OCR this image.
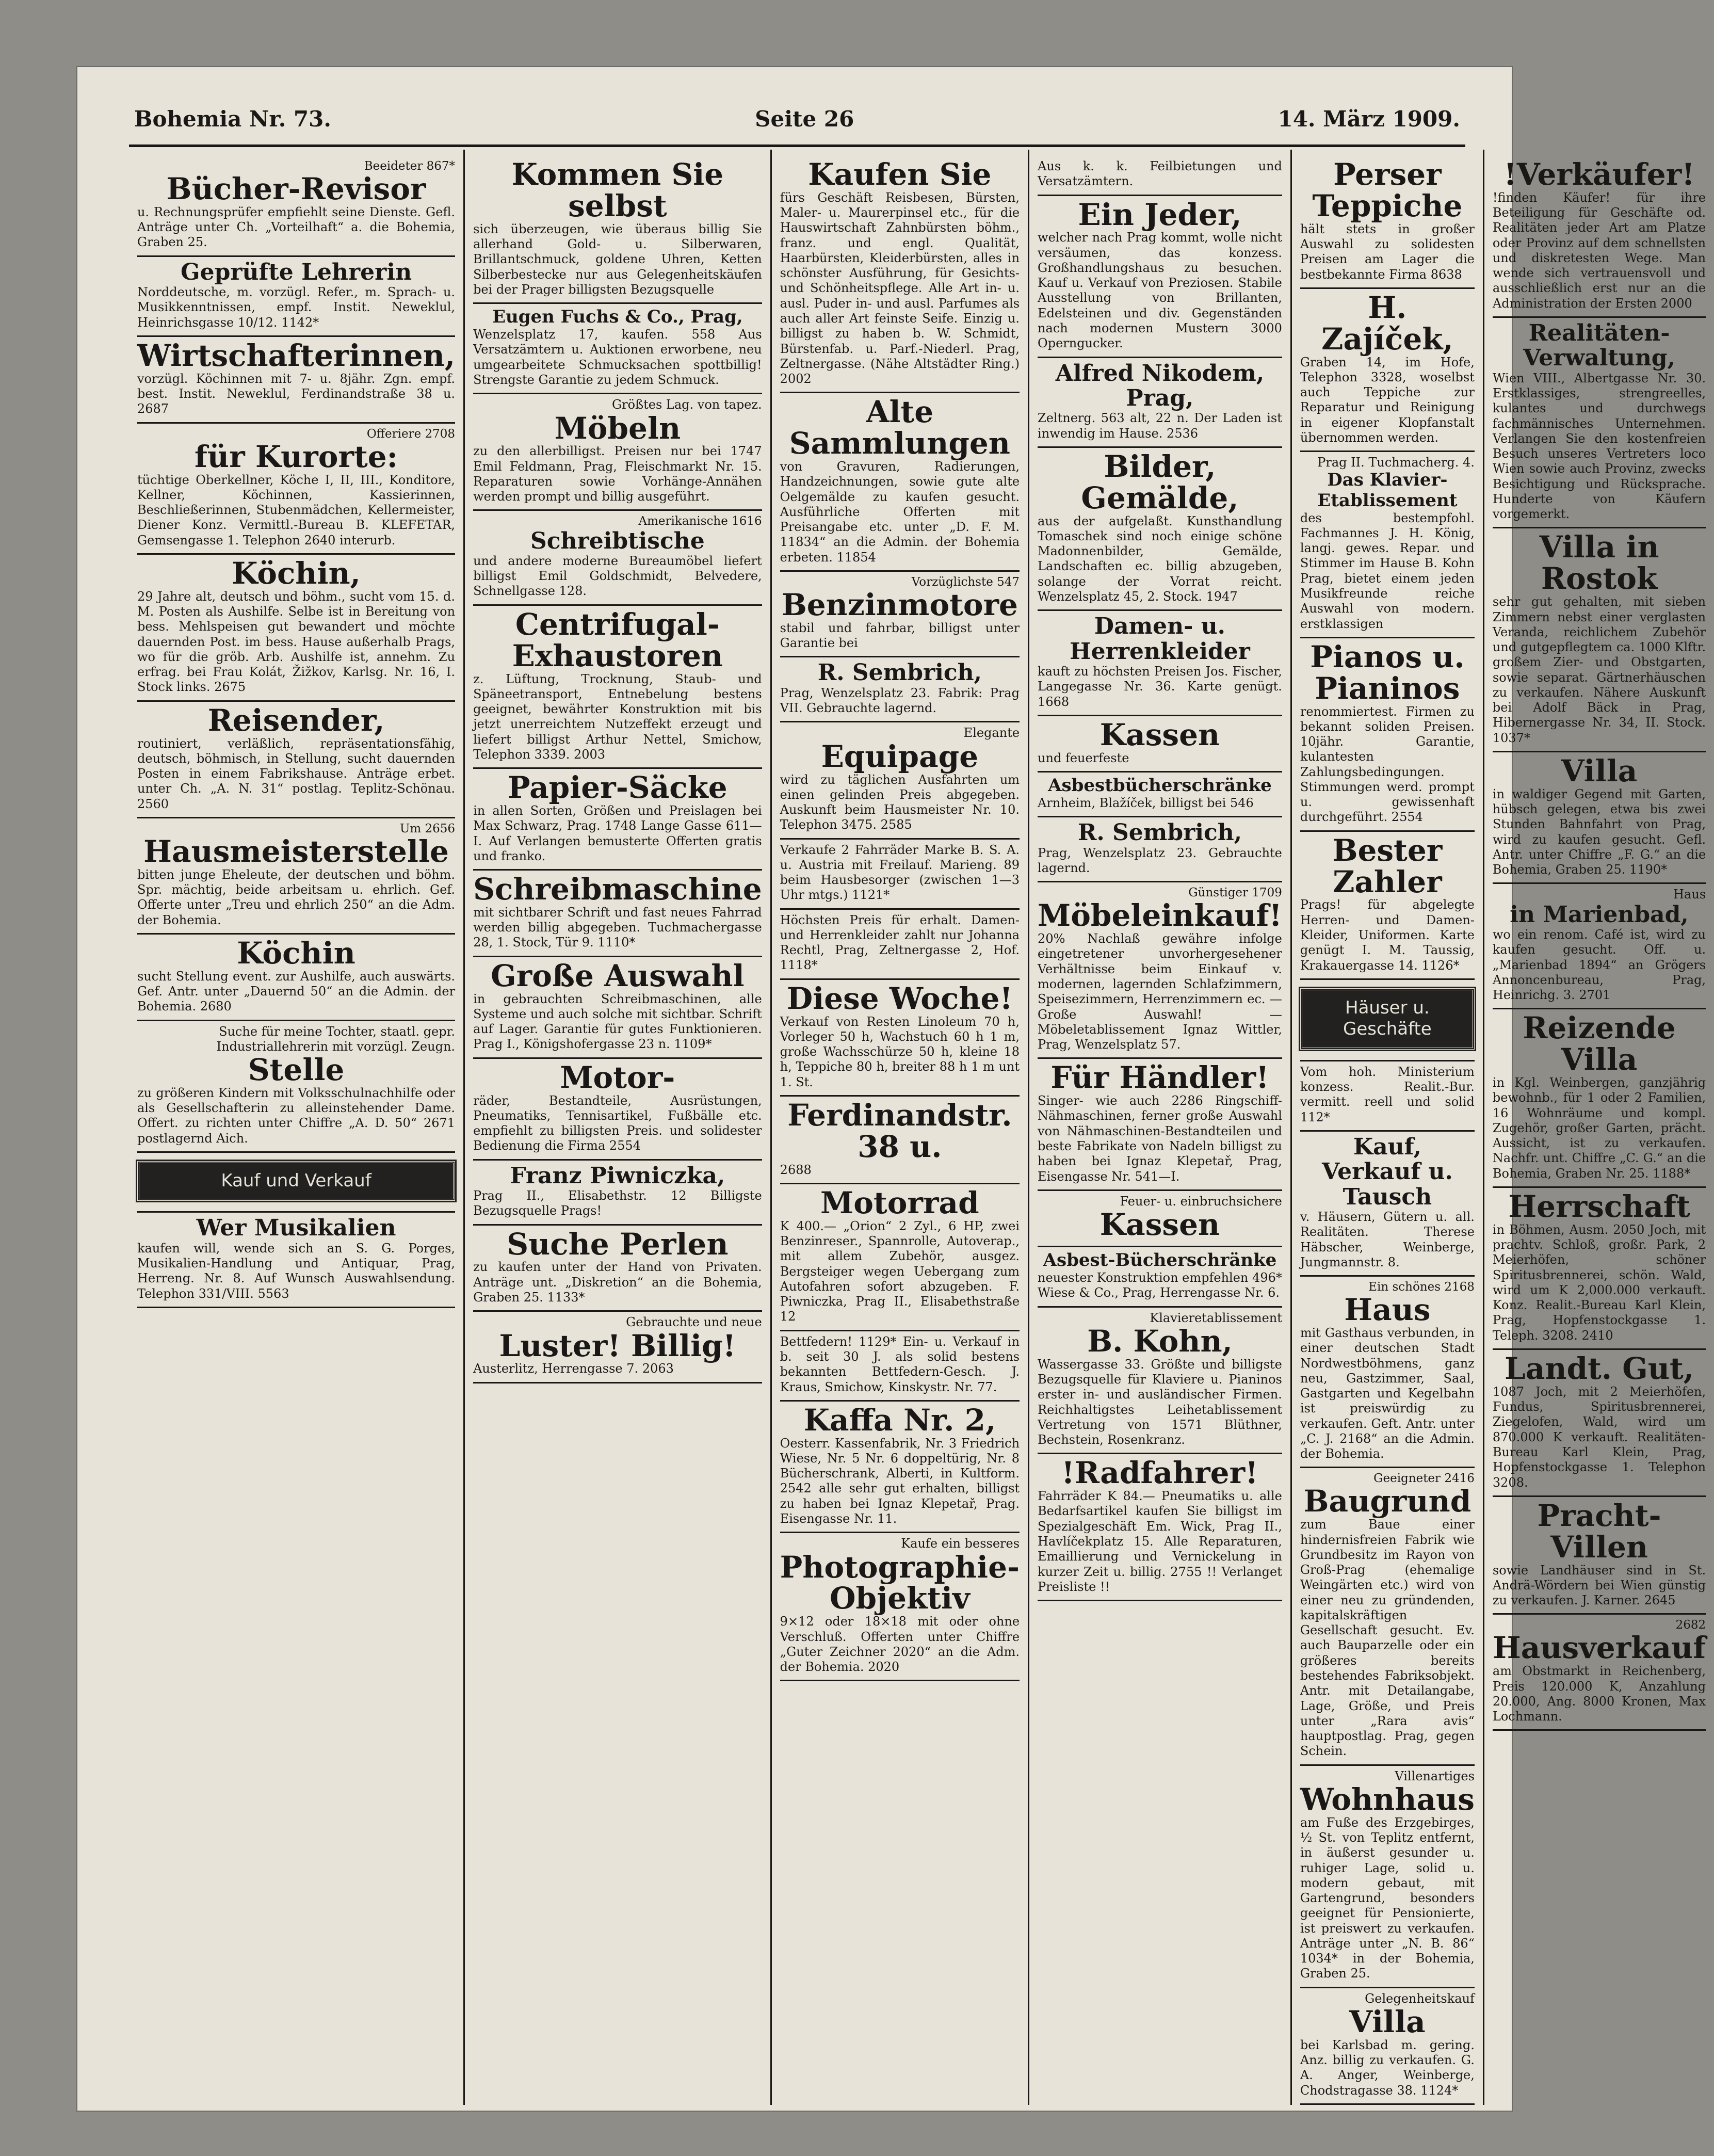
Bohemia Nr. 73.	Seite 26	14. März 1909.
Beeideter 867*
Bücher-Revisor
u. Rechnungsprüfer empfiehlt seine Dienste. Gefl. Anträge unter Ch. „Vorteilhaft“ a. die Bohemia, Graben 25.
Geprüfte Lehrerin
Norddeutsche, m. vorzügl. Refer., m. Sprach- u. Musikkenntnissen, empf. Instit. Neweklul, Heinrichsgasse 10/12. 1142*
Wirtschafterinnen,
vorzügl. Köchinnen mit 7- u. 8jähr. Zgn. empf. best. Instit. Neweklul, Ferdinandstraße 38 u. 2687
Offeriere 2708
für Kurorte:
tüchtige Oberkellner, Köche I, II, III., Konditore, Kellner, Köchinnen, Kassierinnen, Beschließerinnen, Stubenmädchen, Kellermeister, Diener Konz. Vermittl.-Bureau B. KLEFETAR, Gemsengasse 1. Telephon 2640 interurb.
Köchin,
29 Jahre alt, deutsch und böhm., sucht vom 15. d. M. Posten als Aushilfe. Selbe ist in Bereitung von bess. Mehlspeisen gut bewandert und möchte dauernden Post. im bess. Hause außerhalb Prags, wo für die gröb. Arb. Aushilfe ist, annehm. Zu erfrag. bei Frau Kolát, Žižkov, Karlsg. Nr. 16, I. Stock links. 2675
Reisender,
routiniert, verläßlich, repräsentationsfähig, deutsch, böhmisch, in Stellung, sucht dauernden Posten in einem Fabrikshause. Anträge erbet. unter Ch. „A. N. 31“ postlag. Teplitz-Schönau. 2560
Um 2656
Hausmeisterstelle
bitten junge Eheleute, der deutschen und böhm. Spr. mächtig, beide arbeitsam u. ehrlich. Gef. Offerte unter „Treu und ehrlich 250“ an die Adm. der Bohemia.
Köchin
sucht Stellung event. zur Aushilfe, auch auswärts. Gef. Antr. unter „Dauernd 50“ an die Admin. der Bohemia. 2680
Suche für meine Tochter, staatl. gepr. Industriallehrerin mit vorzügl. Zeugn.
Stelle
zu größeren Kindern mit Volksschulnachhilfe oder als Gesellschafterin zu alleinstehender Dame. Offert. zu richten unter Chiffre „A. D. 50“ 2671 postlagernd Aich.
Kauf und Verkauf
Wer Musikalien
kaufen will, wende sich an S. G. Porges, Musikalien-Handlung und Antiquar, Prag, Herreng. Nr. 8. Auf Wunsch Auswahlsendung. Telephon 331/VIII. 5563
Kommen Sie selbst
sich überzeugen, wie überaus billig Sie allerhand Gold- u. Silberwaren, Brillantschmuck, goldene Uhren, Ketten Silberbestecke nur aus Gelegenheitskäufen bei der Prager billigsten Bezugsquelle
Eugen Fuchs & Co., Prag,
Wenzelsplatz 17, kaufen. 558 Aus Versatzämtern u. Auktionen erworbene, neu umgearbeitete Schmucksachen spottbillig! Strengste Garantie zu jedem Schmuck.
Größtes Lag. von tapez.
Möbeln
zu den allerbilligst. Preisen nur bei 1747 Emil Feldmann, Prag, Fleischmarkt Nr. 15. Reparaturen sowie Vorhänge-Annähen werden prompt und billig ausgeführt.
Amerikanische 1616
Schreibtische
und andere moderne Bureaumöbel liefert billigst Emil Goldschmidt, Belvedere, Schnellgasse 128.
Centrifugal-Exhaustoren
z. Lüftung, Trocknung, Staub- und Späneetransport, Entnebelung bestens geeignet, bewährter Konstruktion mit bis jetzt unerreichtem Nutzeffekt erzeugt und liefert billigst Arthur Nettel, Smichow, Telephon 3339. 2003
Papier-Säcke
in allen Sorten, Größen und Preislagen bei Max Schwarz, Prag. 1748 Lange Gasse 611—I. Auf Verlangen bemusterte Offerten gratis und franko.
Schreibmaschine
mit sichtbarer Schrift und fast neues Fahrrad werden billig abgegeben. Tuchmachergasse 28, 1. Stock, Tür 9. 1110*
Große Auswahl
in gebrauchten Schreibmaschinen, alle Systeme und auch solche mit sichtbar. Schrift auf Lager. Garantie für gutes Funktionieren. Prag I., Königshofergasse 23 n. 1109*
Motor-
räder, Bestandteile, Ausrüstungen, Pneumatiks, Tennisartikel, Fußbälle etc. empfiehlt zu billigsten Preis. und solidester Bedienung die Firma 2554
Franz Piwniczka,
Prag II., Elisabethstr. 12 Billigste Bezugsquelle Prags!
Suche Perlen
zu kaufen unter der Hand von Privaten. Anträge unt. „Diskretion“ an die Bohemia, Graben 25. 1133*
Gebrauchte und neue
Luster! Billig!
Austerlitz, Herrengasse 7. 2063
Kaufen Sie
fürs Geschäft Reisbesen, Bürsten, Maler- u. Maurerpinsel etc., für die Hauswirtschaft Zahnbürsten böhm., franz. und engl. Qualität, Haarbürsten, Kleiderbürsten, alles in schönster Ausführung, für Gesichts- und Schönheitspflege. Alle Art in- u. ausl. Puder in- und ausl. Parfumes als auch aller Art feinste Seife. Einzig u. billigst zu haben b. W. Schmidt, Bürstenfab. u. Parf.-Niederl. Prag, Zeltnergasse. (Nähe Altstädter Ring.) 2002
Alte Sammlungen
von Gravuren, Radierungen, Handzeichnungen, sowie gute alte Oelgemälde zu kaufen gesucht. Ausführliche Offerten mit Preisangabe etc. unter „D. F. M. 11834“ an die Admin. der Bohemia erbeten. 11854
Vorzüglichste 547
Benzinmotore
stabil und fahrbar, billigst unter Garantie bei
R. Sembrich,
Prag, Wenzelsplatz 23. Fabrik: Prag VII. Gebrauchte lagernd.
Elegante
Equipage
wird zu täglichen Ausfahrten um einen gelinden Preis abgegeben. Auskunft beim Hausmeister Nr. 10. Telephon 3475. 2585
Verkaufe 2 Fahrräder Marke B. S. A. u. Austria mit Freilauf. Marieng. 89 beim Hausbesorger (zwischen 1—3 Uhr mtgs.) 1121*
Höchsten Preis für erhalt. Damen- und Herrenkleider zahlt nur Johanna Rechtl, Prag, Zeltnergasse 2, Hof. 1118*
Diese Woche!
Verkauf von Resten Linoleum 70 h, Vorleger 50 h, Wachstuch 60 h 1 m, große Wachsschürze 50 h, kleine 18 h, Teppiche 80 h, breiter 88 h 1 m unt 1. St.
Ferdinandstr. 38 u.
2688
Motorrad
K 400.— „Orion“ 2 Zyl., 6 HP, zwei Benzinreser., Spannrolle, Autoverap., mit allem Zubehör, ausgez. Bergsteiger wegen Uebergang zum Autofahren sofort abzugeben. F. Piwniczka, Prag II., Elisabethstraße 12
Bettfedern! 1129* Ein- u. Verkauf in b. seit 30 J. als solid bestens bekannten Bettfedern-Gesch. J. Kraus, Smichow, Kinskystr. Nr. 77.
Kaffa Nr. 2,
Oesterr. Kassenfabrik, Nr. 3 Friedrich Wiese, Nr. 5 Nr. 6 doppeltürig, Nr. 8 Bücherschrank, Alberti, in Kultform. 2542 alle sehr gut erhalten, billigst zu haben bei Ignaz Klepetař, Prag. Eisengasse Nr. 11.
Kaufe ein besseres
Photographie-Objektiv
9×12 oder 18×18 mit oder ohne Verschluß. Offerten unter Chiffre „Guter Zeichner 2020“ an die Adm. der Bohemia. 2020
Aus k. k. Feilbietungen und Versatzämtern.
Ein Jeder,
welcher nach Prag kommt, wolle nicht versäumen, das konzess. Großhandlungshaus zu besuchen. Kauf u. Verkauf von Preziosen. Stabile Ausstellung von Brillanten, Edelsteinen und div. Gegenständen nach modernen Mustern 3000 Operngucker.
Alfred Nikodem, Prag,
Zeltnerg. 563 alt, 22 n. Der Laden ist inwendig im Hause. 2536
Bilder, Gemälde,
aus der aufgelaßt. Kunsthandlung Tomaschek sind noch einige schöne Madonnenbilder, Gemälde, Landschaften ec. billig abzugeben, solange der Vorrat reicht. Wenzelsplatz 45, 2. Stock. 1947
Damen- u. Herrenkleider
kauft zu höchsten Preisen Jos. Fischer, Langegasse Nr. 36. Karte genügt. 1668
Kassen
und feuerfeste
Asbestbücherschränke
Arnheim, Blažíček, billigst bei 546
R. Sembrich,
Prag, Wenzelsplatz 23. Gebrauchte lagernd.
Günstiger 1709
Möbeleinkauf!
20% Nachlaß gewähre infolge eingetretener unvorhergesehener Verhältnisse beim Einkauf v. modernen, lagernden Schlafzimmern, Speisezimmern, Herrenzimmern ec. — Große Auswahl! — Möbeletablissement Ignaz Wittler, Prag, Wenzelsplatz 57.
Für Händler!
Singer- wie auch 2286 Ringschiff-Nähmaschinen, ferner große Auswahl von Nähmaschinen-Bestandteilen und beste Fabrikate von Nadeln billigst zu haben bei Ignaz Klepetař, Prag, Eisengasse Nr. 541—I.
Feuer- u. einbruchsichere
Kassen
Asbest-Bücherschränke
neuester Konstruktion empfehlen 496* Wiese & Co., Prag, Herrengasse Nr. 6.
Klavieretablissement
B. Kohn,
Wassergasse 33. Größte und billigste Bezugsquelle für Klaviere u. Pianinos erster in- und ausländischer Firmen. Reichhaltigstes Leihetablissement Vertretung von 1571 Blüthner, Bechstein, Rosenkranz.
!Radfahrer!
Fahrräder K 84.— Pneumatiks u. alle Bedarfsartikel kaufen Sie billigst im Spezialgeschäft Em. Wick, Prag II., Havlíčekplatz 15. Alle Reparaturen, Emaillierung und Vernickelung in kurzer Zeit u. billig. 2755 !! Verlanget Preisliste !!
Perser Teppiche
hält stets in großer Auswahl zu solidesten Preisen am Lager die bestbekannte Firma 8638
H. Zajíček,
Graben 14, im Hofe, Telephon 3328, woselbst auch Teppiche zur Reparatur und Reinigung in eigener Klopfanstalt übernommen werden.
Prag II. Tuchmacherg. 4.
Das Klavier-Etablissement
des bestempfohl. Fachmannes J. H. König, langj. gewes. Repar. und Stimmer im Hause B. Kohn Prag, bietet einem jeden Musikfreunde reiche Auswahl von modern. erstklassigen
Pianos u. Pianinos
renommiertest. Firmen zu bekannt soliden Preisen. 10jähr. Garantie, kulantesten Zahlungsbedingungen. Stimmungen werd. prompt u. gewissenhaft durchgeführt. 2554
Bester Zahler
Prags! für abgelegte Herren- und Damen-Kleider, Uniformen. Karte genügt I. M. Taussig, Krakauergasse 14. 1126*
Häuser u. Geschäfte
Vom hoh. Ministerium konzess. Realit.-Bur. vermitt. reell und solid 112*
Kauf, Verkauf u. Tausch
v. Häusern, Gütern u. all. Realitäten. Therese Häbscher, Weinberge, Jungmannstr. 8.
Ein schönes 2168
Haus
mit Gasthaus verbunden, in einer deutschen Stadt Nordwestböhmens, ganz neu, Gastzimmer, Saal, Gastgarten und Kegelbahn ist preiswürdig zu verkaufen. Geft. Antr. unter „C. J. 2168“ an die Admin. der Bohemia.
Geeigneter 2416
Baugrund
zum Baue einer hindernisfreien Fabrik wie Grundbesitz im Rayon von Groß-Prag (ehemalige Weingärten etc.) wird von einer neu zu gründenden, kapitalskräftigen Gesellschaft gesucht. Ev. auch Bauparzelle oder ein größeres bereits bestehendes Fabriksobjekt. Antr. mit Detailangabe, Lage, Größe, und Preis unter „Rara avis“ hauptpostlag. Prag, gegen Schein.
Villenartiges
Wohnhaus
am Fuße des Erzgebirges, ½ St. von Teplitz entfernt, in äußerst gesunder u. ruhiger Lage, solid u. modern gebaut, mit Gartengrund, besonders geeignet für Pensionierte, ist preiswert zu verkaufen. Anträge unter „N. B. 86“ 1034* in der Bohemia, Graben 25.
Gelegenheitskauf
Villa
bei Karlsbad m. gering. Anz. billig zu verkaufen. G. A. Anger, Weinberge, Chodstragasse 38. 1124*
!Verkäufer!
!finden Käufer! für ihre Beteiligung für Geschäfte od. Realitäten jeder Art am Platze oder Provinz auf dem schnellsten und diskretesten Wege. Man wende sich vertrauensvoll und ausschließlich erst nur an die Administration der Ersten 2000
Realitäten-Verwaltung,
Wien VIII., Albertgasse Nr. 30. Erstklassiges, strengreelles, kulantes und durchwegs fachmännisches Unternehmen. Verlangen Sie den kostenfreien Besuch unseres Vertreters loco Wien sowie auch Provinz, zwecks Besichtigung und Rücksprache. Hunderte von Käufern vorgemerkt.
Villa in Rostok
sehr gut gehalten, mit sieben Zimmern nebst einer verglasten Veranda, reichlichem Zubehör und gutgepflegtem ca. 1000 Klftr. großem Zier- und Obstgarten, sowie separat. Gärtnerhäuschen zu verkaufen. Nähere Auskunft bei Adolf Bäck in Prag, Hibernergasse Nr. 34, II. Stock. 1037*
Villa
in waldiger Gegend mit Garten, hübsch gelegen, etwa bis zwei Stunden Bahnfahrt von Prag, wird zu kaufen gesucht. Gefl. Antr. unter Chiffre „F. G.“ an die Bohemia, Graben 25. 1190*
Haus
in Marienbad,
wo ein renom. Café ist, wird zu kaufen gesucht. Off. u. „Marienbad 1894“ an Grögers Annoncenbureau, Prag, Heinrichg. 3. 2701
Reizende Villa
in Kgl. Weinbergen, ganzjährig bewohnb., für 1 oder 2 Familien, 16 Wohnräume und kompl. Zugehör, großer Garten, prächt. Aussicht, ist zu verkaufen. Nachfr. unt. Chiffre „C. G.“ an die Bohemia, Graben Nr. 25. 1188*
Herrschaft
in Böhmen, Ausm. 2050 Joch, mit prachtv. Schloß, großr. Park, 2 Meierhöfen, schöner Spiritusbrennerei, schön. Wald, wird um K 2,000.000 verkauft. Konz. Realit.-Bureau Karl Klein, Prag, Hopfenstockgasse 1. Teleph. 3208. 2410
Landt. Gut,
1087 Joch, mit 2 Meierhöfen, Fundus, Spiritusbrennerei, Ziegelofen, Wald, wird um 870.000 K verkauft. Realitäten-Bureau Karl Klein, Prag, Hopfenstockgasse 1. Telephon 3208.
Pracht-Villen
sowie Landhäuser sind in St. Andrä-Wördern bei Wien günstig zu verkaufen. J. Karner. 2645
2682
Hausverkauf
am Obstmarkt in Reichenberg, Preis 120.000 K, Anzahlung 20.000, Ang. 8000 Kronen, Max Lochmann.
